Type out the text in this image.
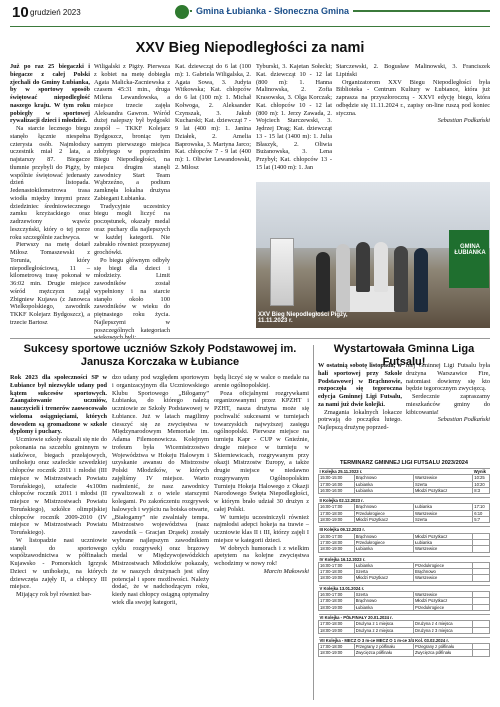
10 grudzień 2023	Gmina Łubianka - Słoneczna Gmina
XXV Bieg Niepodległości za nami

Już po raz 25 biegaczki i biegacze z całej Polski zjechali do Gminy Łubianka, by w sportowy sposób świętować niepodległość naszego kraju. W tym roku pobiegły w sportowej rywalizacji dzieci i młodzież.

Na starcie lecznego biegu stanęło łącznie niespełna czterysta osób. Najmłodszy uczestnik miał 2 lata, a najstarszy 87. Biegacze tłumnie przybyli do Pigży, by wspólnie świętować jedenasty dzień listopada. Jedenastokilometrowa trasa wiodła między innymi przez dziedziniec średniowiecznego zamku krzyżackiego oraz zadrzewiony wąwóz leszczyński, który o tej porze roku szczególnie zachwyca.

Pierwszy na metę dotarł Miłosz Tomaszewski z Torunia, który niepodległościową, 11 – kilometrową trasę pokonał w 36:02 min. Drugie miejsce wśród mężczyzn zajął Zbigniew Kujawa (z Janowca Wielkopolskiego, zawodnik TKKF Kolejarz Bydgoszcz), a trzecie Bartosz

Wiligalski z Pigży. Pierwsza z kobiet na metę dobiegła Agata Malicka-Zacniewska z czasem 45:31 min., druga Milena Lewandowska, a miejsce trzecie zajęła Aleksandra Gawron. Wśród dużej nalepszy był bydgoski zespół – TKKF Kolejarz Bydgoszcz, broniąc tym samym pierwszego miejsca zdobytego w poprzednim Biegu Niepodległości, na miejscu drugim stanęli zawodnicy Start Team Wąbrzeźno, a podium zamknęła lokalna drużyna Zabiegani Łubianka.

Tradycyjnie uczestnicy biegu mogli liczyć na poczęstunek, okazały medal oraz puchary dla najlepszych w każdej kategorii. Nie zabrakło również przepysznej grochówki.

Po biegu głównym odbyły się biegi dla dzieci i młodzieży. Limit zawodników został wypełniony i na starcie stanęło około 100 zawodników w wieku do piętnastego roku życia. Najlepszymi w poszczególnych kategoriach

Kat. dziewcząt do 6 lat (100 m): 1. Gabriela Wiligalska, 2. Agata Sowa, 3. Judyta Witkowska; Kat. chłopców do 6 lat (100 m): 1. Michał Kołwoga, 2. Aleksander Czynszak, 3. Jakub Kucharski; Kat. dziewcząt 7 - 9 lat (400 m): 1. Janina Działek, 2. Amelia Baprowska, 3. Martyna Jarco; Kat. chłopców 7 - 9 lat (400 m): 1. Oliwier Lewandowski, 2. Miłosz

Tyburski, 3. Kajetan Sołecki; Kat. dziewcząt 10 - 12 lat (800 m): 1. Hanna Malinowska, 2. Zofia Krasowska, 3. Olga Korczak; Kat. chłopców 10 - 12 lat (800 m): 1. Jerzy Zawada, 2. Wojciech Starczewski, 3. Jędrzej Drag; Kat. dziewcząt 13 - 15 lat (1400 m): 1. Julia Błaszyk, 2. Oliwia Bużanowska, 3. Lena Przybył; Kat. chłopców 13 - 15 lat (1400 m): 1. Jan

Starczewski, 2. Bogusław Malinowski, 3. Franciszek Lipiński

Organizatorom XXV Biegu Niepodległości była Biblioteka - Centrum Kultury w Łubiance, która już zaprasza na przyszłoroczną - XXVI edycję biegu, która odbędzie się 11.11.2024 r., zapisy on-line ruszą pod koniec styczna.

Sebastian Podkański

GMINA ŁUBIANKA
XXV Bieg Niepodległości Pigży, 11.11.2023 r.
Sukcesy sportowe uczniów Szkoły Podstawowej im. Janusza Korczaka w Łubiance

Rok 2023 dla społeczności SP w Łubiance był niezwykle udany pod kątem sukcesów sportowych. Zaangażowanie uczniów, nauczycieli i trenerów zaowocowało wieloma osiągnięciami, których dowodem są gromadzone w szkole dyplomy i puchary.

Uczniowie szkoły okazali się nie do pokonania na szczeblu gminnym w siatkówce, biegach przełajowych, unihokeju oraz szafeckie szwedzkiej chłopców rocznik 2011 i młodsi (III miejsce w Mistrzostwach Powiatu Toruńskiego), sztafecie 4x100m chłopców rocznik 2011 i młodsi (II miejsce w Mistrzostwach Powiatu Toruńskiego), szkółce olimpijskiej chłopców rocznik 2009-2010 (IV miejsce w Mistrzostwach Powiatu Toruńskiego).

W listopadzie nasi uczniowie stanęli do sportowego współzawodnictwa w półfinałach Kujawsko - Pomorskich Igrzysk Dzieci w unihokeju, na których dziewczęta zajęły II, a chłopcy III miejsce.

Mijający rok był również bar-

dzo udany pod względem sportowym i organizacyjnym dla Uczniowskiego Klubu Sportowego „Biłogamy” Łubianka, do którego należą uczniowie ze Szkoły Podstawowej w Łubiance. Już w latach magilimy ciesszyć się ze zwycięstwa w Międzynarodowym Memoriale im. Adama Filemonowicza. Kolejnym trofeum była Wicemistrzostwo Województwa w Hokeju Halowym i uzyskanie awansu do Mistrzostw Polski Młodzików, w których zajęliśmy IV miejsce. Warto nadmienić, że nasz zawodnicy rywalizowali z o wiele starszymi kolegami. Po zakończeniu rozgrywek halowych i wyjściu na boiska otwarte, „Białogamy” nie zwalniały tempa. Mistrzostwo województwa (nasz zawodnik – Gracjan Drąsek) zostały wybrane najlepszym zawodnikiem cyklu rozgrywek) oraz brązowy medal w Międzywojewódzkich Mistrzostwach Młodzików pokazały, że w naszych drużynach jest silny potencjał i spore możliwości. Należy dodać, że w nadchodzącym roku, kiedy nasi chłopcy osiągną optymalny wiek dla swojej kategorii,

będą liczyć się w walce o medale na arenie ogólnopolskiej.

Poza oficjalnymi rozgrywkami organizowanymi przez KPZHT i PZHT, nasza drużyna może się pochwalić sukcesami w turniejach towarzyskich najwyższej zasięgu ogólnopolski. Pierwsze miejsce na turnieju Kapr - CUP w Gnieźnie, drugie miejsce w turnieju w Skierniewicach, rozgrywanym przy okazji Mistrzostw Europy, a także drugie miejsce w niedawno rozgrywanym Ogólnopolskim Turnieju Hokeja Halowego z Okazji Narodowego Święta Niepodległości, w którym brało udział 30 drużyn z całej Polski.

W turnieju uczestniczyli również najmłodsi adepci hokeja na trawie – uczniowie klas II i III, którzy zajęli I miejsce w kategorii dzieci.

W dobrych humorach i z wielkim apetytem na kolejne zwycięstwa wchodzimy w nowy rok!

Marcin Makowski

Wystartowała Gminna Liga Futsalu!

W ostatnią sobotę listopada, w hali sportowej przy Szkole Podstawowej w Brąchnowie, rozpoczęła się tegoroczna edycja Gminnej Ligi Futsalu, za nami już dwie kolejki.

Zmagania lokalnych lokacze potrwają do początku lutego. Najlepszą drużynę poprzed-

niej Gminnej Ligi Futsalu była drużyna Warszawice Fire, natomiast dowiemy się kto będzie tegorocznym zwycięzcą.

Serdecznie zapraszamy mieszkańców gminy do kibicowania!

Sebastian Podkański

TERMINARZ GMINNEJ LIGI FUTSALU 2023/2024
I Kolejka 25.11.2023 r.			Wynik
15:00-15:00	Brąchnowo	Warszewice	10:25
17:00-16:00	Łubianka	Szerta	10:20
16:00-16:00	Łubianka	Młodzi Pozytkacz	8:3

II Kolejka 02.12.2023 r.			
16:00-17:00	Brąchnowo	Łubianka	17:10
17:00-18:00	Przedukrogiece	Warszewice	6:10
18:00-19:00	Młodzi Pozytkacz	Szerta	5:7

III Kolejka 09.12.2023 r.			
16:00-17:00	Brąchnowo	Młodzi Pozytkacz	
17:00-18:00	Przedukrogiece	Łubianka	
18:00-19:00	Łubianka	Warszewice	

IV Kolejka 16.12.2023 r.			
16:00-17:00	Łubianka	Przedukrogiece	
17:00-18:00	Szerta	Brąchnowo	
18:00-19:00	Młodzi Pozytkacz	Warszewice	

V Kolejka 13.01.2024 r.			
16:00-17:00	Szerta	Warszewice	
17:00-18:00	Brąchnowo	Młodzi Pozytkacz	
18:00-19:00	Łubianka	Przedukrogiece	

VI Kolejka - PÓŁFINAŁY 20.01.2024 r.			
17:00-18:00	Drużyna z 1 miejsca	Drużyna z 4 miejsca	
18:00-19:00	Drużyna z 2 miejsca	Drużyna z 3 miejsca	

VII Kolejka - MECZ O 3 m-ce MECZ O 1 m-ce 3/4 Kol. 03.02.2024 r.			
17:00-18:00	Przegrany z półfinału	Przegrany z półfinału	
18:00-19:00	Zwycięzca półfinału	Zwycięzca półfinału	
